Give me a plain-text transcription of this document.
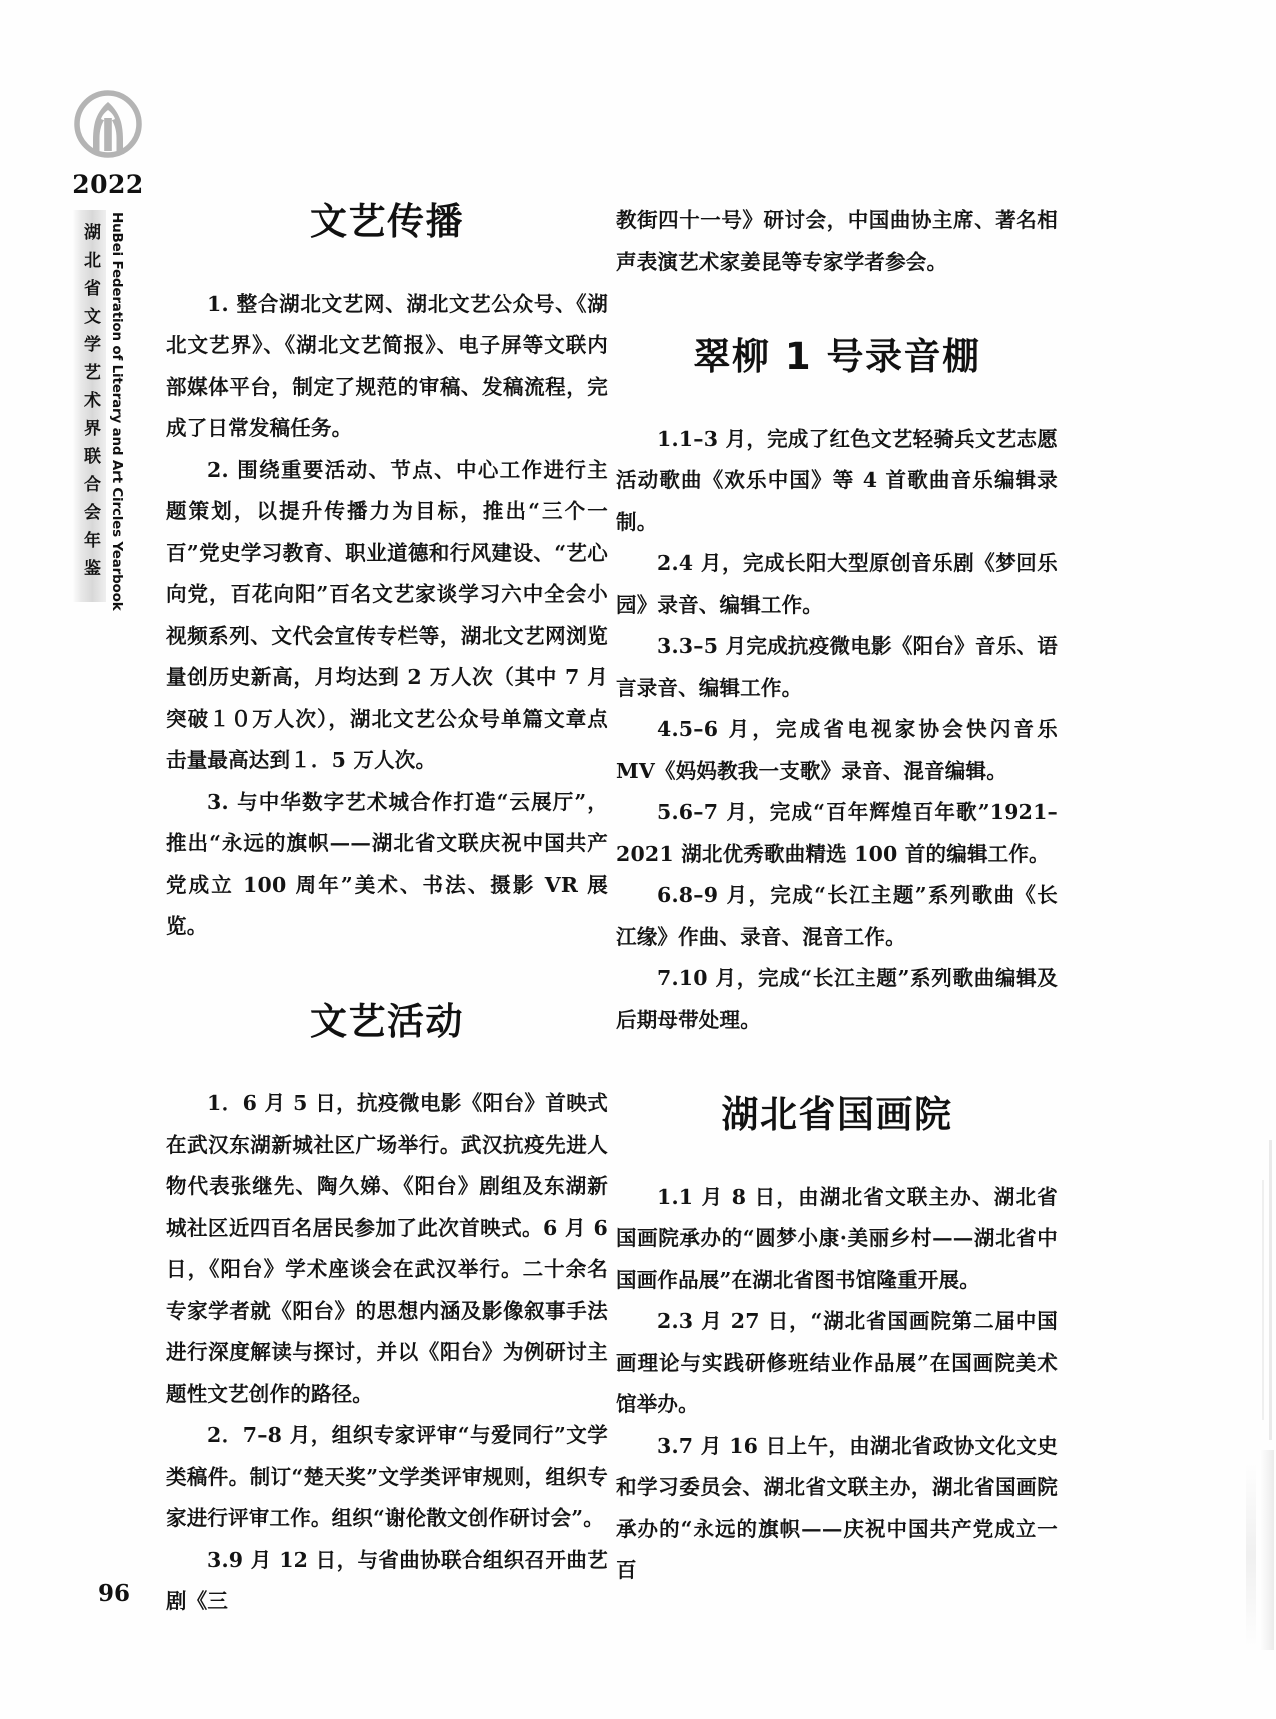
2022
湖北省文学艺术界联合会年鉴 HuBei Federation of Literary and Art Circles Yearbook	文艺传播

1. 整合湖北文艺网、湖北文艺公众号、《湖北文艺界》、《湖北文艺简报》、电子屏等文联内部媒体平台，制定了规范的审稿、发稿流程，完成了日常发稿任务。

2. 围绕重要活动、节点、中心工作进行主题策划，以提升传播力为目标，推出“三个一百”党史学习教育、职业道德和行风建设、“艺心向党，百花向阳”百名文艺家谈学习六中全会小视频系列、文代会宣传专栏等，湖北文艺网浏览量创历史新高，月均达到 2 万人次（其中 7 月突破１０万人次），湖北文艺公众号单篇文章点击量最高达到１．5 万人次。

3. 与中华数字艺术城合作打造“云展厅”，推出“永远的旗帜——湖北省文联庆祝中国共产党成立 100 周年”美术、书法、摄影 VR 展览。

文艺活动

1．6 月 5 日，抗疫微电影《阳台》首映式在武汉东湖新城社区广场举行。武汉抗疫先进人物代表张继先、陶久娣、《阳台》剧组及东湖新城社区近四百名居民参加了此次首映式。6 月 6 日，《阳台》学术座谈会在武汉举行。二十余名专家学者就《阳台》的思想内涵及影像叙事手法进行深度解读与探讨，并以《阳台》为例研讨主题性文艺创作的路径。

2．7–8 月，组织专家评审“与爱同行”文学类稿件。制订“楚天奖”文学类评审规则，组织专家进行评审工作。组织“谢伦散文创作研讨会”。

3.9 月 12 日，与省曲协联合组织召开曲艺剧《三

教街四十一号》研讨会，中国曲协主席、著名相声表演艺术家姜昆等专家学者参会。

翠柳 1 号录音棚

1.1–3 月，完成了红色文艺轻骑兵文艺志愿活动歌曲《欢乐中国》等 4 首歌曲音乐编辑录制。

2.4 月，完成长阳大型原创音乐剧《梦回乐园》录音、编辑工作。

3.3–5 月完成抗疫微电影《阳台》音乐、语言录音、编辑工作。

4.5–6 月，完成省电视家协会快闪音乐 MV《妈妈教我一支歌》录音、混音编辑。

5.6–7 月，完成“百年辉煌百年歌”1921–2021 湖北优秀歌曲精选 100 首的编辑工作。

6.8–9 月，完成“长江主题”系列歌曲《长江缘》作曲、录音、混音工作。

7.10 月，完成“长江主题”系列歌曲编辑及后期母带处理。

湖北省国画院

1.1 月 8 日，由湖北省文联主办、湖北省国画院承办的“圆梦小康·美丽乡村——湖北省中国画作品展”在湖北省图书馆隆重开展。

2.3 月 27 日，“湖北省国画院第二届中国画理论与实践研修班结业作品展”在国画院美术馆举办。

3.7 月 16 日上午，由湖北省政协文化文史和学习委员会、湖北省文联主办，湖北省国画院承办的“永远的旗帜——庆祝中国共产党成立一百

96
